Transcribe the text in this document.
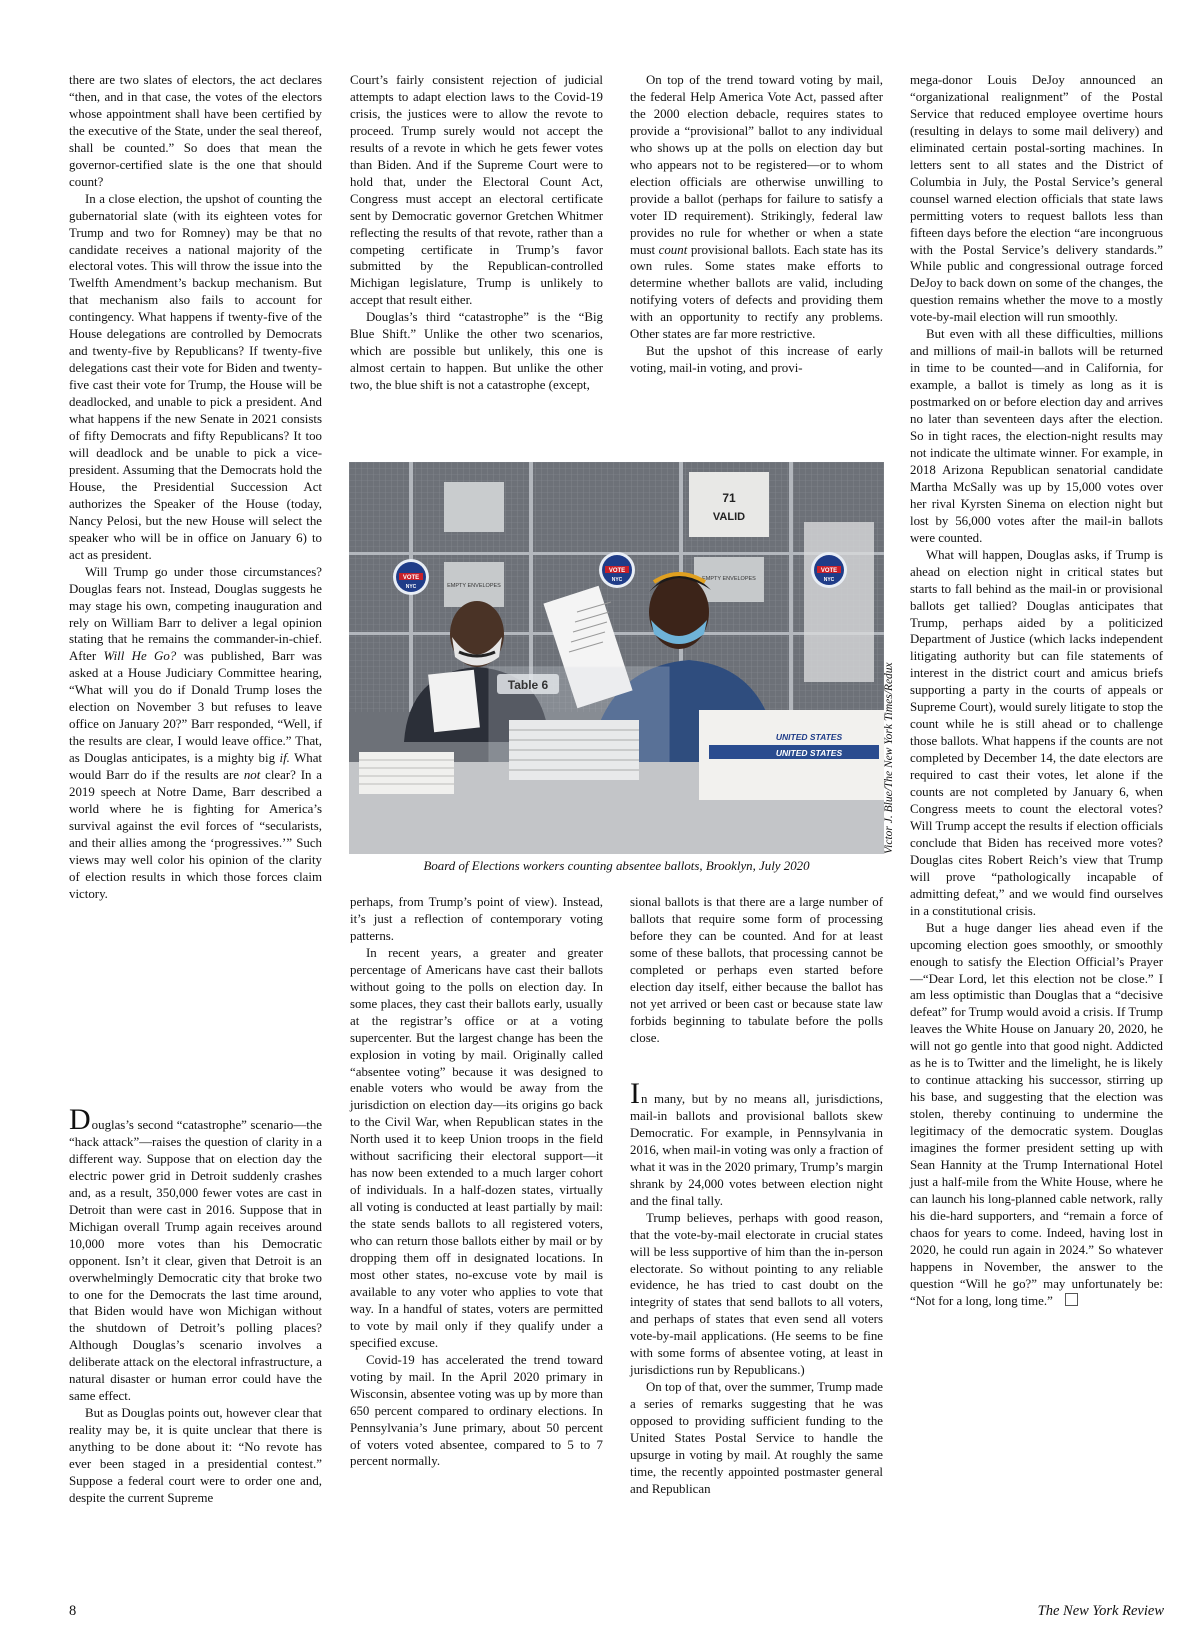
there are two slates of electors, the act declares “then, and in that case, the votes of the electors whose appointment shall have been certified by the executive of the State, under the seal thereof, shall be counted.” So does that mean the governor-certified slate is the one that should count?

In a close election, the upshot of counting the gubernatorial slate (with its eighteen votes for Trump and two for Romney) may be that no candidate receives a national majority of the electoral votes. This will throw the issue into the Twelfth Amendment’s backup mechanism. But that mechanism also fails to account for contingency. What happens if twenty-five of the House delegations are controlled by Democrats and twenty-five by Republicans? If twenty-five delegations cast their vote for Biden and twenty-five cast their vote for Trump, the House will be deadlocked, and unable to pick a president. And what happens if the new Senate in 2021 consists of fifty Democrats and fifty Republicans? It too will deadlock and be unable to pick a vice-president. Assuming that the Democrats hold the House, the Presidential Succession Act authorizes the Speaker of the House (today, Nancy Pelosi, but the new House will select the speaker who will be in office on January 6) to act as president.

Will Trump go under those circumstances? Douglas fears not. Instead, Douglas suggests he may stage his own, competing inauguration and rely on William Barr to deliver a legal opinion stating that he remains the commander-in-chief. After Will He Go? was published, Barr was asked at a House Judiciary Committee hearing, “What will you do if Donald Trump loses the election on November 3 but refuses to leave office on January 20?” Barr responded, “Well, if the results are clear, I would leave office.” That, as Douglas anticipates, is a mighty big if. What would Barr do if the results are not clear? In a 2019 speech at Notre Dame, Barr described a world where he is fighting for America’s survival against the evil forces of “secularists, and their allies among the ‘progressives.’” Such views may well color his opinion of the clarity of election results in which those forces claim victory.

Douglas’s second “catastrophe” scenario—the “hack attack”—raises the question of clarity in a different way. Suppose that on election day the electric power grid in Detroit suddenly crashes and, as a result, 350,000 fewer votes are cast in Detroit than were cast in 2016. Suppose that in Michigan overall Trump again receives around 10,000 more votes than his Democratic opponent. Isn’t it clear, given that Detroit is an overwhelmingly Democratic city that broke two to one for the Democrats the last time around, that Biden would have won Michigan without the shutdown of Detroit’s polling places? Although Douglas’s scenario involves a deliberate attack on the electoral infrastructure, a natural disaster or human error could have the same effect.

But as Douglas points out, however clear that reality may be, it is quite unclear that there is anything to be done about it: “No revote has ever been staged in a presidential contest.” Suppose a federal court were to order one and, despite the current Supreme

Court’s fairly consistent rejection of judicial attempts to adapt election laws to the Covid-19 crisis, the justices were to allow the revote to proceed. Trump surely would not accept the results of a revote in which he gets fewer votes than Biden. And if the Supreme Court were to hold that, under the Electoral Count Act, Congress must accept an electoral certificate sent by Democratic governor Gretchen Whitmer reflecting the results of that revote, rather than a competing certificate in Trump’s favor submitted by the Republican-controlled Michigan legislature, Trump is unlikely to accept that result either.

Douglas’s third “catastrophe” is the “Big Blue Shift.” Unlike the other two scenarios, which are possible but unlikely, this one is almost certain to happen. But unlike the other two, the blue shift is not a catastrophe (except,

perhaps, from Trump’s point of view). Instead, it’s just a reflection of contemporary voting patterns.

In recent years, a greater and greater percentage of Americans have cast their ballots without going to the polls on election day. In some places, they cast their ballots early, usually at the registrar’s office or at a voting supercenter. But the largest change has been the explosion in voting by mail. Originally called “absentee voting” because it was designed to enable voters who would be away from the jurisdiction on election day—its origins go back to the Civil War, when Republican states in the North used it to keep Union troops in the field without sacrificing their electoral support—it has now been extended to a much larger cohort of individuals. In a half-dozen states, virtually all voting is conducted at least partially by mail: the state sends ballots to all registered voters, who can return those ballots either by mail or by dropping them off in designated locations. In most other states, no-excuse vote by mail is available to any voter who applies to vote that way. In a handful of states, voters are permitted to vote by mail only if they qualify under a specified excuse.

Covid-19 has accelerated the trend toward voting by mail. In the April 2020 primary in Wisconsin, absentee voting was up by more than 650 percent compared to ordinary elections. In Pennsylvania’s June primary, about 50 percent of voters voted absentee, compared to 5 to 7 percent normally.

On top of the trend toward voting by mail, the federal Help America Vote Act, passed after the 2000 election debacle, requires states to provide a “provisional” ballot to any individual who shows up at the polls on election day but who appears not to be registered—or to whom election officials are otherwise unwilling to provide a ballot (perhaps for failure to satisfy a voter ID requirement). Strikingly, federal law provides no rule for whether or when a state must count provisional ballots. Each state has its own rules. Some states make efforts to determine whether ballots are valid, including notifying voters of defects and providing them with an opportunity to rectify any problems. Other states are far more restrictive.

But the upshot of this increase of early voting, mail-in voting, and provi-

sional ballots is that there are a large number of ballots that require some form of processing before they can be counted. And for at least some of these ballots, that processing cannot be completed or perhaps even started before election day itself, either because the ballot has not yet arrived or been cast or because state law forbids beginning to tabulate before the polls close.

In many, but by no means all, jurisdictions, mail-in ballots and provisional ballots skew Democratic. For example, in Pennsylvania in 2016, when mail-in voting was only a fraction of what it was in the 2020 primary, Trump’s margin shrank by 24,000 votes between election night and the final tally.

Trump believes, perhaps with good reason, that the vote-by-mail electorate in crucial states will be less supportive of him than the in-person electorate. So without pointing to any reliable evidence, he has tried to cast doubt on the integrity of states that send ballots to all voters, and perhaps of states that even send all voters vote-by-mail applications. (He seems to be fine with some forms of absentee voting, at least in jurisdictions run by Republicans.)

On top of that, over the summer, Trump made a series of remarks suggesting that he was opposed to providing sufficient funding to the United States Postal Service to handle the upsurge in voting by mail. At roughly the same time, the recently appointed postmaster general and Republican

mega-donor Louis DeJoy announced an “organizational realignment” of the Postal Service that reduced employee overtime hours (resulting in delays to some mail delivery) and eliminated certain postal-sorting machines. In letters sent to all states and the District of Columbia in July, the Postal Service’s general counsel warned election officials that state laws permitting voters to request ballots less than fifteen days before the election “are incongruous with the Postal Service’s delivery standards.” While public and congressional outrage forced DeJoy to back down on some of the changes, the question remains whether the move to a mostly vote-by-mail election will run smoothly.

But even with all these difficulties, millions and millions of mail-in ballots will be returned in time to be counted—and in California, for example, a ballot is timely as long as it is postmarked on or before election day and arrives no later than seventeen days after the election. So in tight races, the election-night results may not indicate the ultimate winner. For example, in 2018 Arizona Republican senatorial candidate Martha McSally was up by 15,000 votes over her rival Kyrsten Sinema on election night but lost by 56,000 votes after the mail-in ballots were counted.

What will happen, Douglas asks, if Trump is ahead on election night in critical states but starts to fall behind as the mail-in or provisional ballots get tallied? Douglas anticipates that Trump, perhaps aided by a politicized Department of Justice (which lacks independent litigating authority but can file statements of interest in the district court and amicus briefs supporting a party in the courts of appeals or Supreme Court), would surely litigate to stop the count while he is still ahead or to challenge those ballots. What happens if the counts are not completed by December 14, the date electors are required to cast their votes, let alone if the counts are not completed by January 6, when Congress meets to count the electoral votes? Will Trump accept the results if election officials conclude that Biden has received more votes? Douglas cites Robert Reich’s view that Trump will prove “pathologically incapable of admitting defeat,” and we would find ourselves in a constitutional crisis.

But a huge danger lies ahead even if the upcoming election goes smoothly, or smoothly enough to satisfy the Election Official’s Prayer—“Dear Lord, let this election not be close.” I am less optimistic than Douglas that a “decisive defeat” for Trump would avoid a crisis. If Trump leaves the White House on January 20, 2020, he will not go gentle into that good night. Addicted as he is to Twitter and the limelight, he is likely to continue attacking his successor, stirring up his base, and suggesting that the election was stolen, thereby continuing to undermine the legitimacy of the democratic system. Douglas imagines the former president setting up with Sean Hannity at the Trump International Hotel just a half-mile from the White House, where he can launch his long-planned cable network, rally his die-hard supporters, and “remain a force of chaos for years to come. Indeed, having lost in 2020, he could run again in 2024.” So whatever happens in November, the answer to the question “Will he go?” may unfortunately be: “Not for a long, long time.”

71
VALID
EMPTY ENVELOPES
EMPTY ENVELOPES
VOTE
NYC
VOTE
NYC
VOTE
NYC
Table 6
UNITED STATES
UNITED STATES	Victor J. Blue/The New York Times/Redux
Board of Elections workers counting absentee ballots, Brooklyn, July 2020
8	The New York Review
